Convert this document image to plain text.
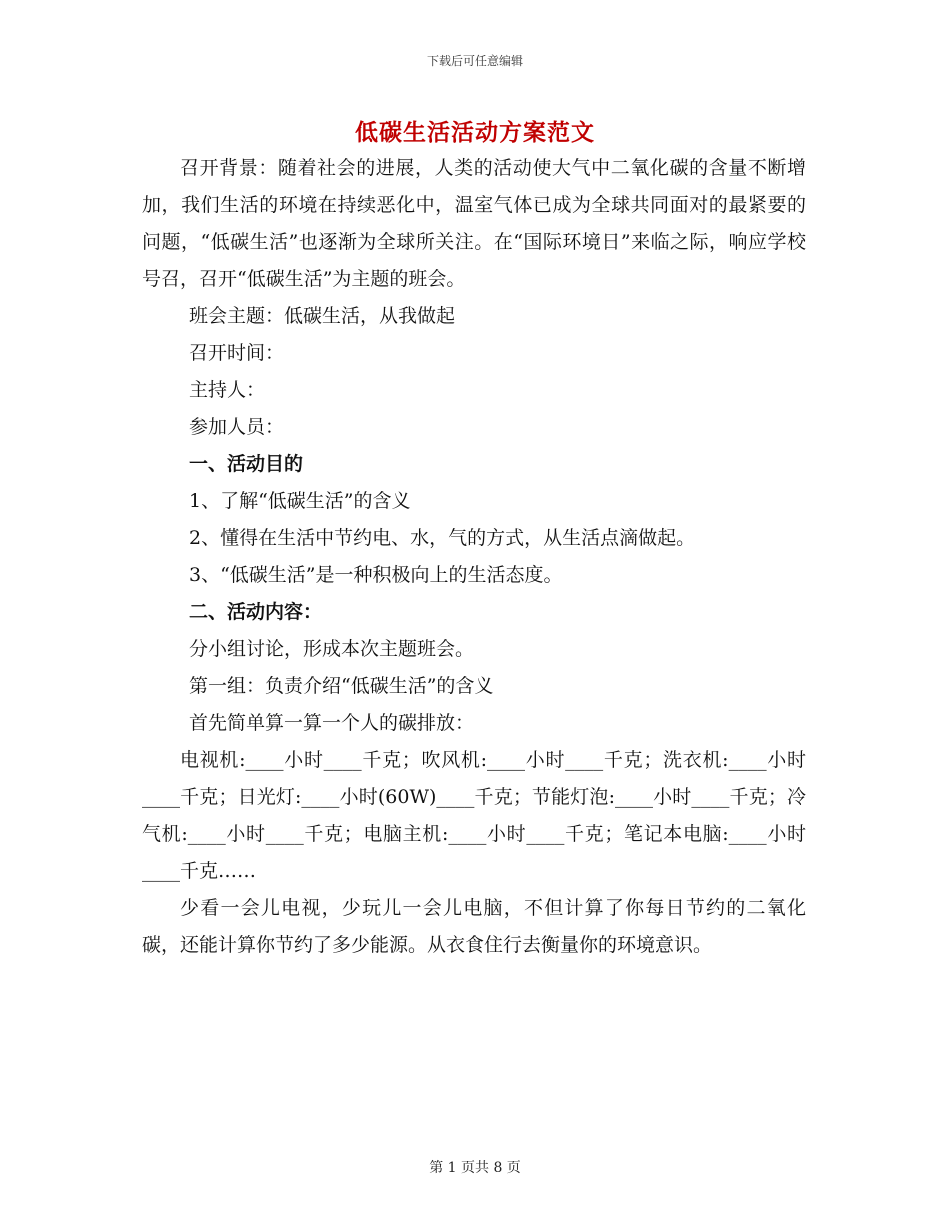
下载后可任意编辑
低碳生活活动方案范文

召开背景：随着社会的进展，人类的活动使大气中二氧化碳的含量不断增加，我们生活的环境在持续恶化中，温室气体已成为全球共同面对的最紧要的问题，“低碳生活”也逐渐为全球所关注。在“国际环境日”来临之际，响应学校号召，召开“低碳生活”为主题的班会。

班会主题：低碳生活，从我做起

召开时间：

主持人：

参加人员：

一、活动目的

1、了解“低碳生活”的含义

2、懂得在生活中节约电、水，气的方式，从生活点滴做起。

3、“低碳生活”是一种积极向上的生活态度。

二、活动内容：

分小组讨论，形成本次主题班会。

第一组：负责介绍“低碳生活”的含义

首先简单算一算一个人的碳排放：

电视机:____小时____千克；吹风机:____小时____千克；洗衣机:____小时____千克；日光灯:____小时(60W)____千克；节能灯泡:____小时____千克；冷气机:____小时____千克；电脑主机:____小时____千克；笔记本电脑:____小时____千克……

少看一会儿电视，少玩儿一会儿电脑，不但计算了你每日节约的二氧化碳，还能计算你节约了多少能源。从衣食住行去衡量你的环境意识。

第 1 页共 8 页
